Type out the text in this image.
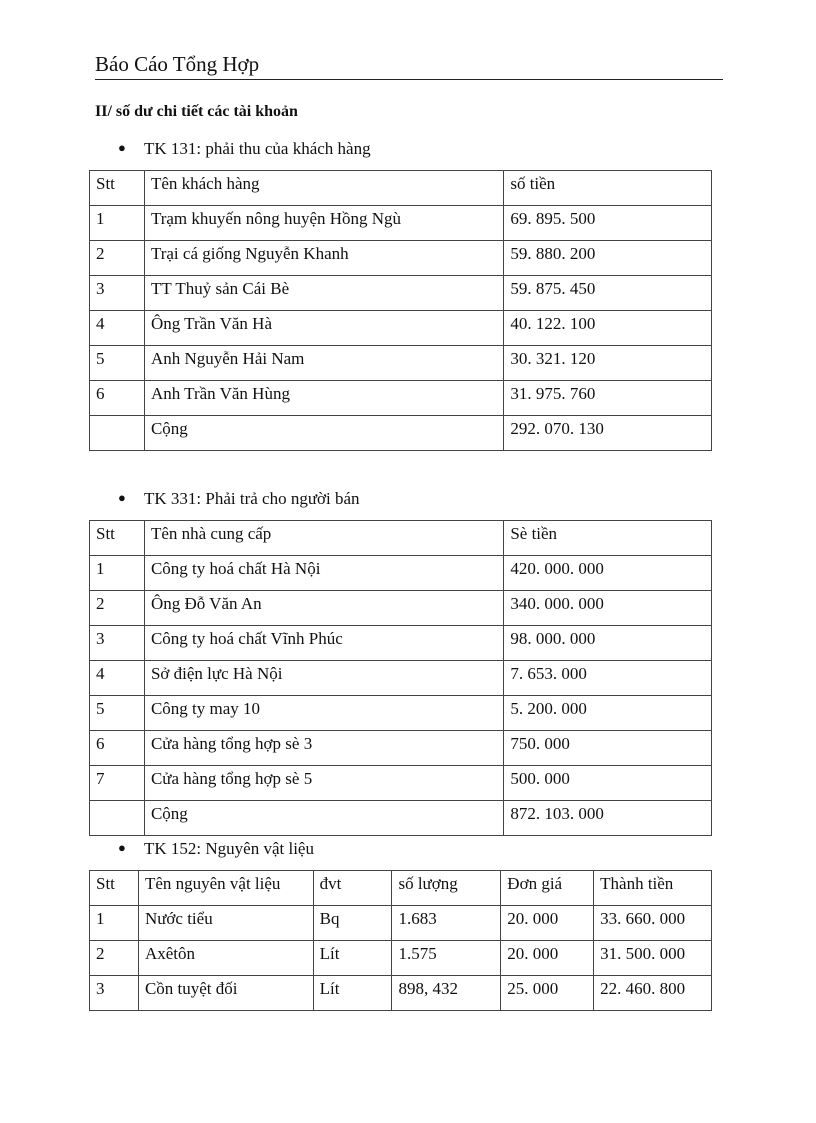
Báo Cáo Tổng Hợp
II/ số dư chi tiết các tài khoản
● TK 131: phải thu của khách hàng
Stt	Tên khách hàng	số tiền
1	Trạm khuyến nông huyện Hồng Ngù	69. 895. 500
2	Trại cá giống Nguyễn Khanh	59. 880. 200
3	TT Thuỷ sản Cái Bè	59. 875. 450
4	Ông Trần Văn Hà	40. 122. 100
5	Anh Nguyễn Hải Nam	30. 321. 120
6	Anh Trần Văn Hùng	31. 975. 760
	Cộng	292. 070. 130
● TK 331: Phải trả cho người bán
Stt	Tên nhà cung cấp	Sè tiền
1	Công ty hoá chất Hà Nội	420. 000. 000
2	Ông Đỗ Văn An	340. 000. 000
3	Công ty hoá chất Vĩnh Phúc	98. 000. 000
4	Sở điện lực Hà Nội	7. 653. 000
5	Công ty may 10	5. 200. 000
6	Cửa hàng tổng hợp sè 3	750. 000
7	Cửa hàng tổng hợp sè 5	500. 000
	Cộng	872. 103. 000
● TK 152: Nguyên vật liệu
Stt	Tên nguyên vật liệu	đvt	số lượng	Đơn giá	Thành tiền
1	Nước tiểu	Bq	1.683	20. 000	33. 660. 000
2	Axêtôn	Lít	1.575	20. 000	31. 500. 000
3	Cồn tuyệt đối	Lít	898, 432	25. 000	22. 460. 800
